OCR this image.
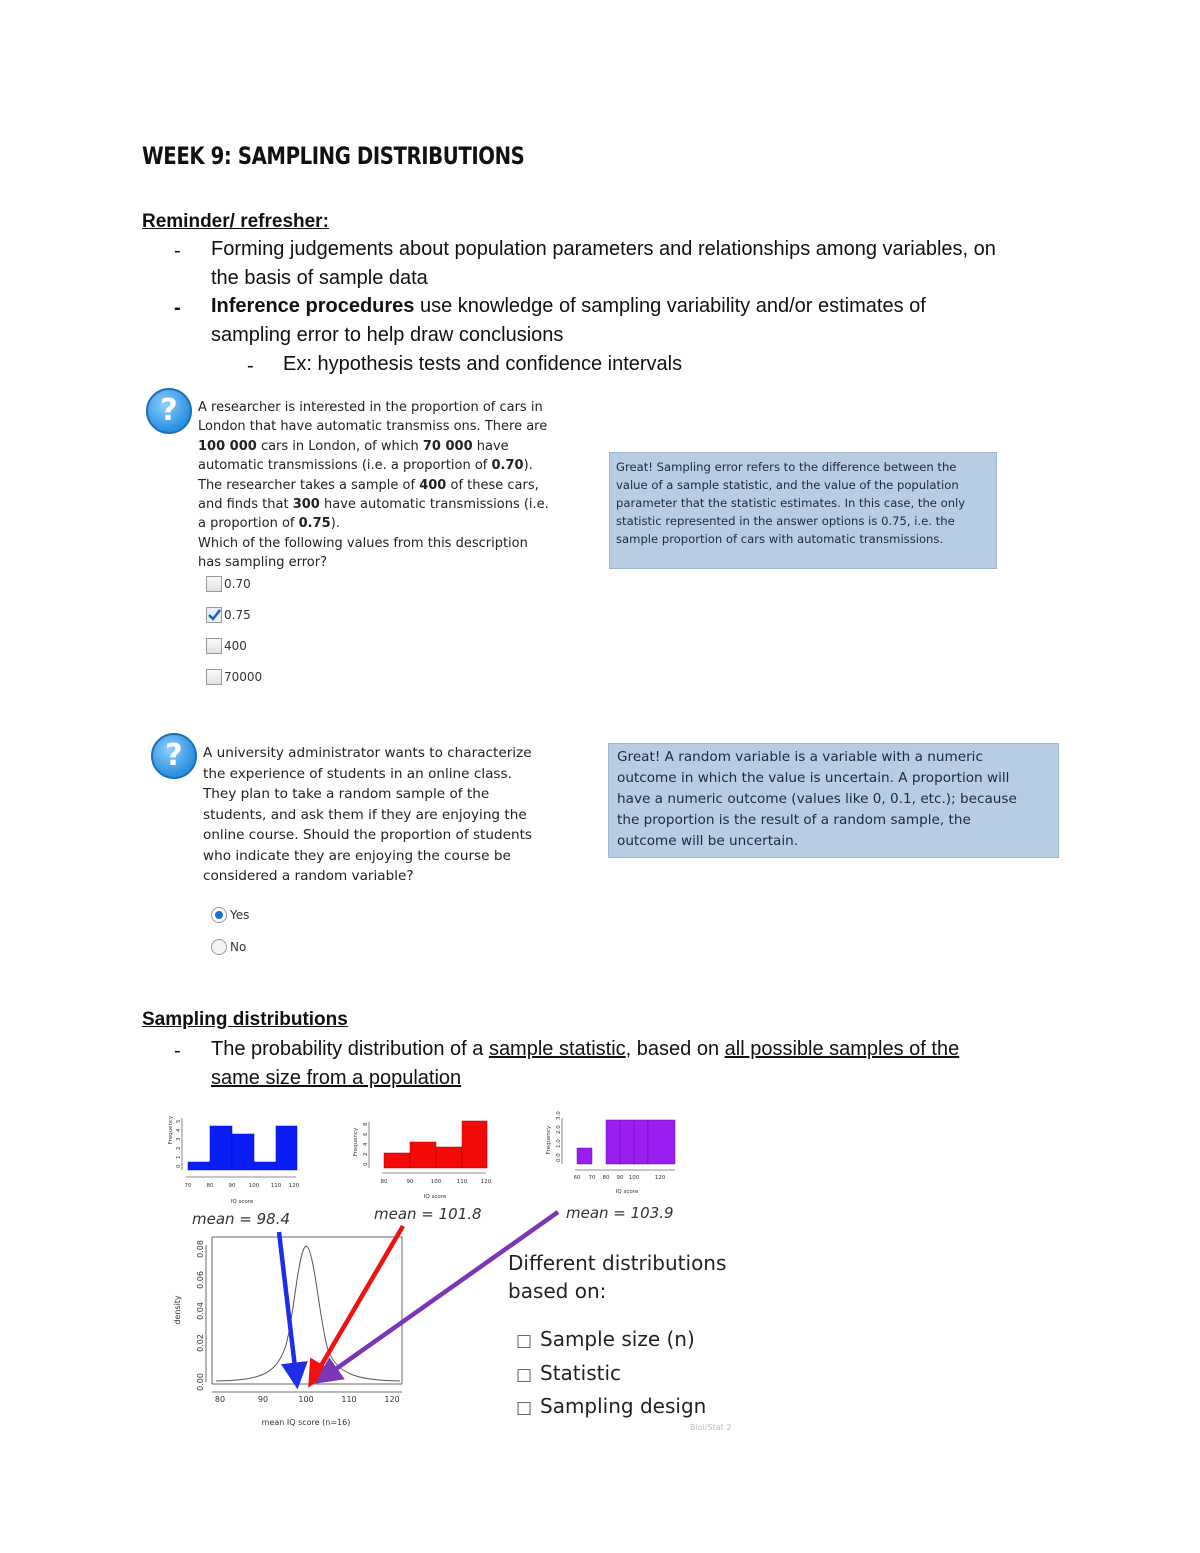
WEEK 9: SAMPLING DISTRIBUTIONS
Reminder/ refresher:
- Forming judgements about population parameters and relationships among variables, on
the basis of sample data
- Inference procedures use knowledge of sampling variability and/or estimates of
sampling error to help draw conclusions
- Ex: hypothesis tests and confidence intervals
?	A researcher is interested in the proportion of cars in
London that have automatic transmiss ons. There are
100 000 cars in London, of which 70 000 have
automatic transmissions (i.e. a proportion of 0.70).
The researcher takes a sample of 400 of these cars,
and finds that 300 have automatic transmissions (i.e.
a proportion of 0.75).
Which of the following values from this description
has sampling error?
0.70
0.75
400
70000
Great! Sampling error refers to the difference between the
value of a sample statistic, and the value of the population
parameter that the statistic estimates. In this case, the only
statistic represented in the answer options is 0.75, i.e. the
sample proportion of cars with automatic transmissions.
?	A university administrator wants to characterize
the experience of students in an online class.
They plan to take a random sample of the
students, and ask them if they are enjoying the
online course. Should the proportion of students
who indicate they are enjoying the course be
considered a random variable?
Yes
No
Great! A random variable is a variable with a numeric
outcome in which the value is uncertain. A proportion will
have a numeric outcome (values like 0, 0.1, etc.); because
the proportion is the result of a random sample, the
outcome will be uncertain.
Sampling distributions
- The probability distribution of a sample statistic, based on all possible samples of the
same size from a population
Frequency
0
1
2
3
4
5
70	80	90 100 110 120
IQ score
Frequency
0
2
4
6
8
80	90	100	110 120
IQ score
Frequency
0.0
1.0
2.0
3.0
60 70 80 90 100	120
IQ score
mean = 98.4	mean = 101.8	mean = 103.9
density
0.00
0.02
0.04
0.06
0.08
80	90	100	110	120
mean IQ score (n=16)
Different distributions
based on:
□ Sample size (n)
□ Statistic
□ Sampling design
Biol/Stat 2
